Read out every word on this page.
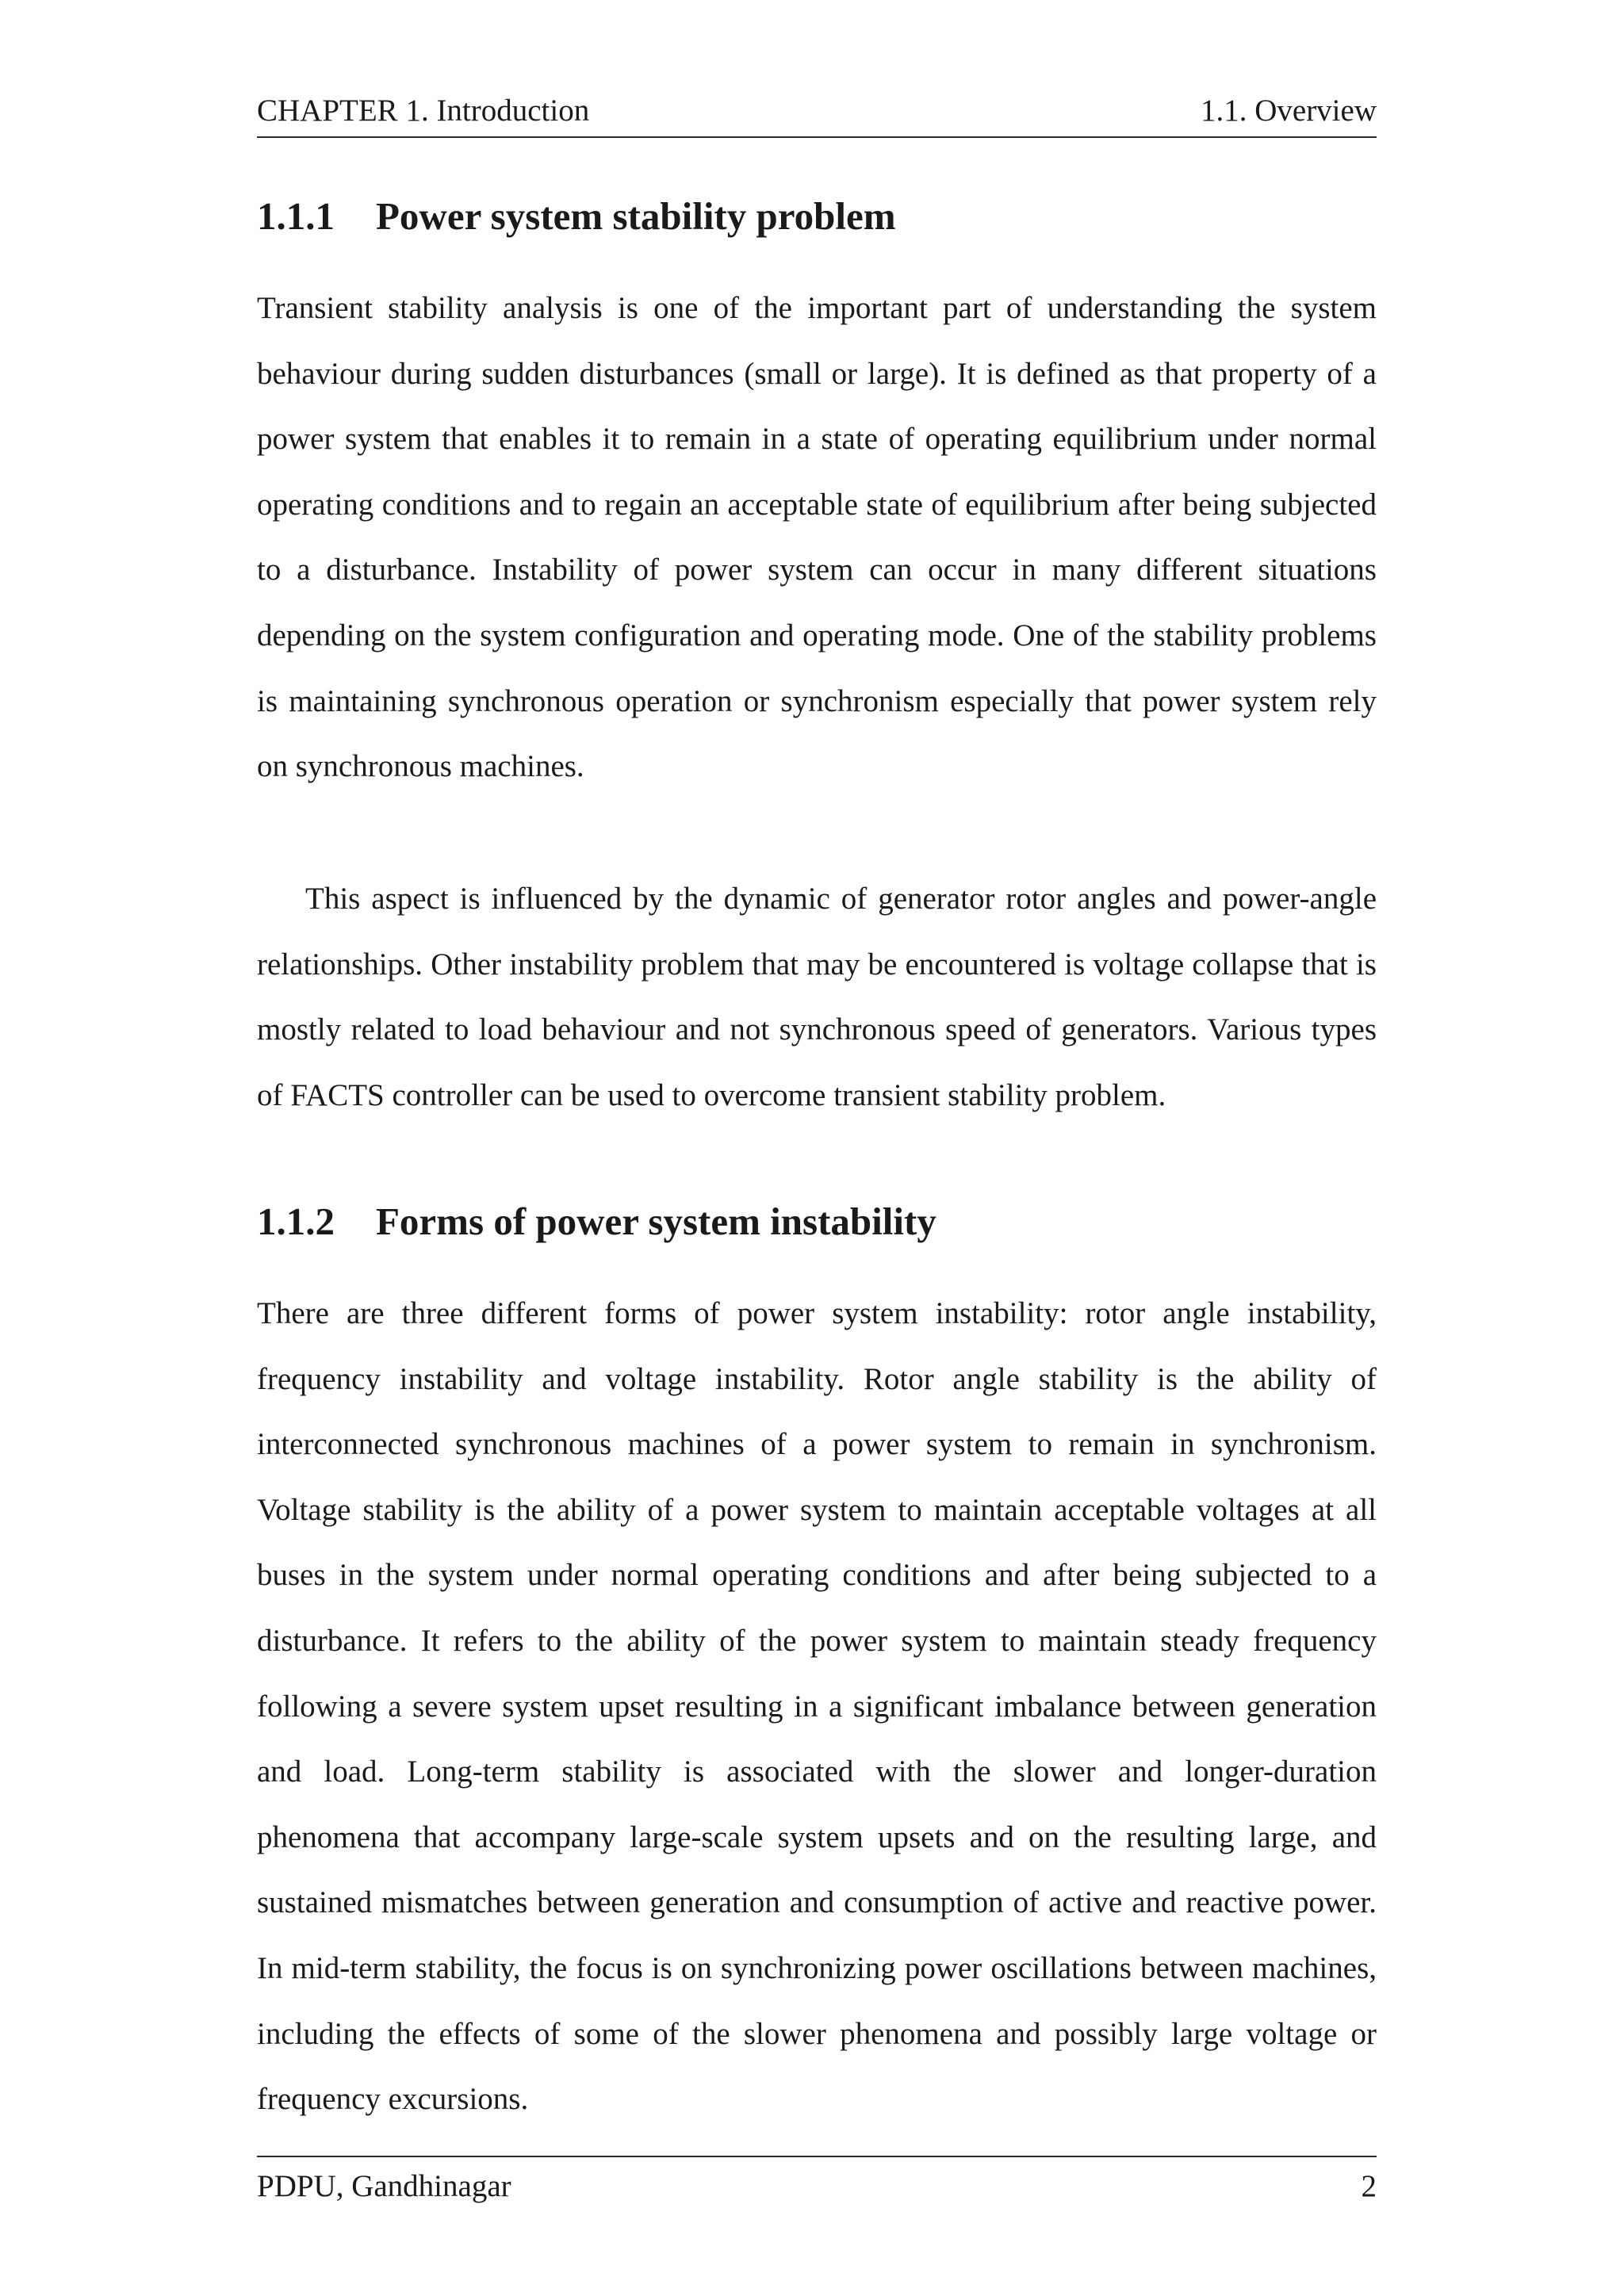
CHAPTER 1. Introduction	1.1. Overview
1.1.1 Power system stability problem

Transient stability analysis is one of the important part of understanding the system behaviour during sudden disturbances (small or large). It is defined as that property of a power system that enables it to remain in a state of operating equilibrium under normal operating conditions and to regain an acceptable state of equilibrium after being subjected to a disturbance. Instability of power system can occur in many different situations depending on the system configuration and operating mode. One of the stability problems is maintaining synchronous operation or synchronism especially that power system rely on synchronous machines.

This aspect is influenced by the dynamic of generator rotor angles and power-angle relationships. Other instability problem that may be encountered is voltage collapse that is mostly related to load behaviour and not synchronous speed of generators. Various types of FACTS controller can be used to overcome transient stability problem.

1.1.2 Forms of power system instability

There are three different forms of power system instability: rotor angle instability, frequency instability and voltage instability. Rotor angle stability is the ability of interconnected synchronous machines of a power system to remain in synchronism. Voltage stability is the ability of a power system to maintain acceptable voltages at all buses in the system under normal operating conditions and after being subjected to a disturbance. It refers to the ability of the power system to maintain steady frequency following a severe system upset resulting in a significant imbalance between generation and load. Long-term stability is associated with the slower and longer-duration phenomena that accompany large-scale system upsets and on the resulting large, and sustained mismatches between generation and consumption of active and reactive power. In mid-term stability, the focus is on synchronizing power oscillations between machines, including the effects of some of the slower phenomena and possibly large voltage or frequency excursions.

PDPU, Gandhinagar	2
